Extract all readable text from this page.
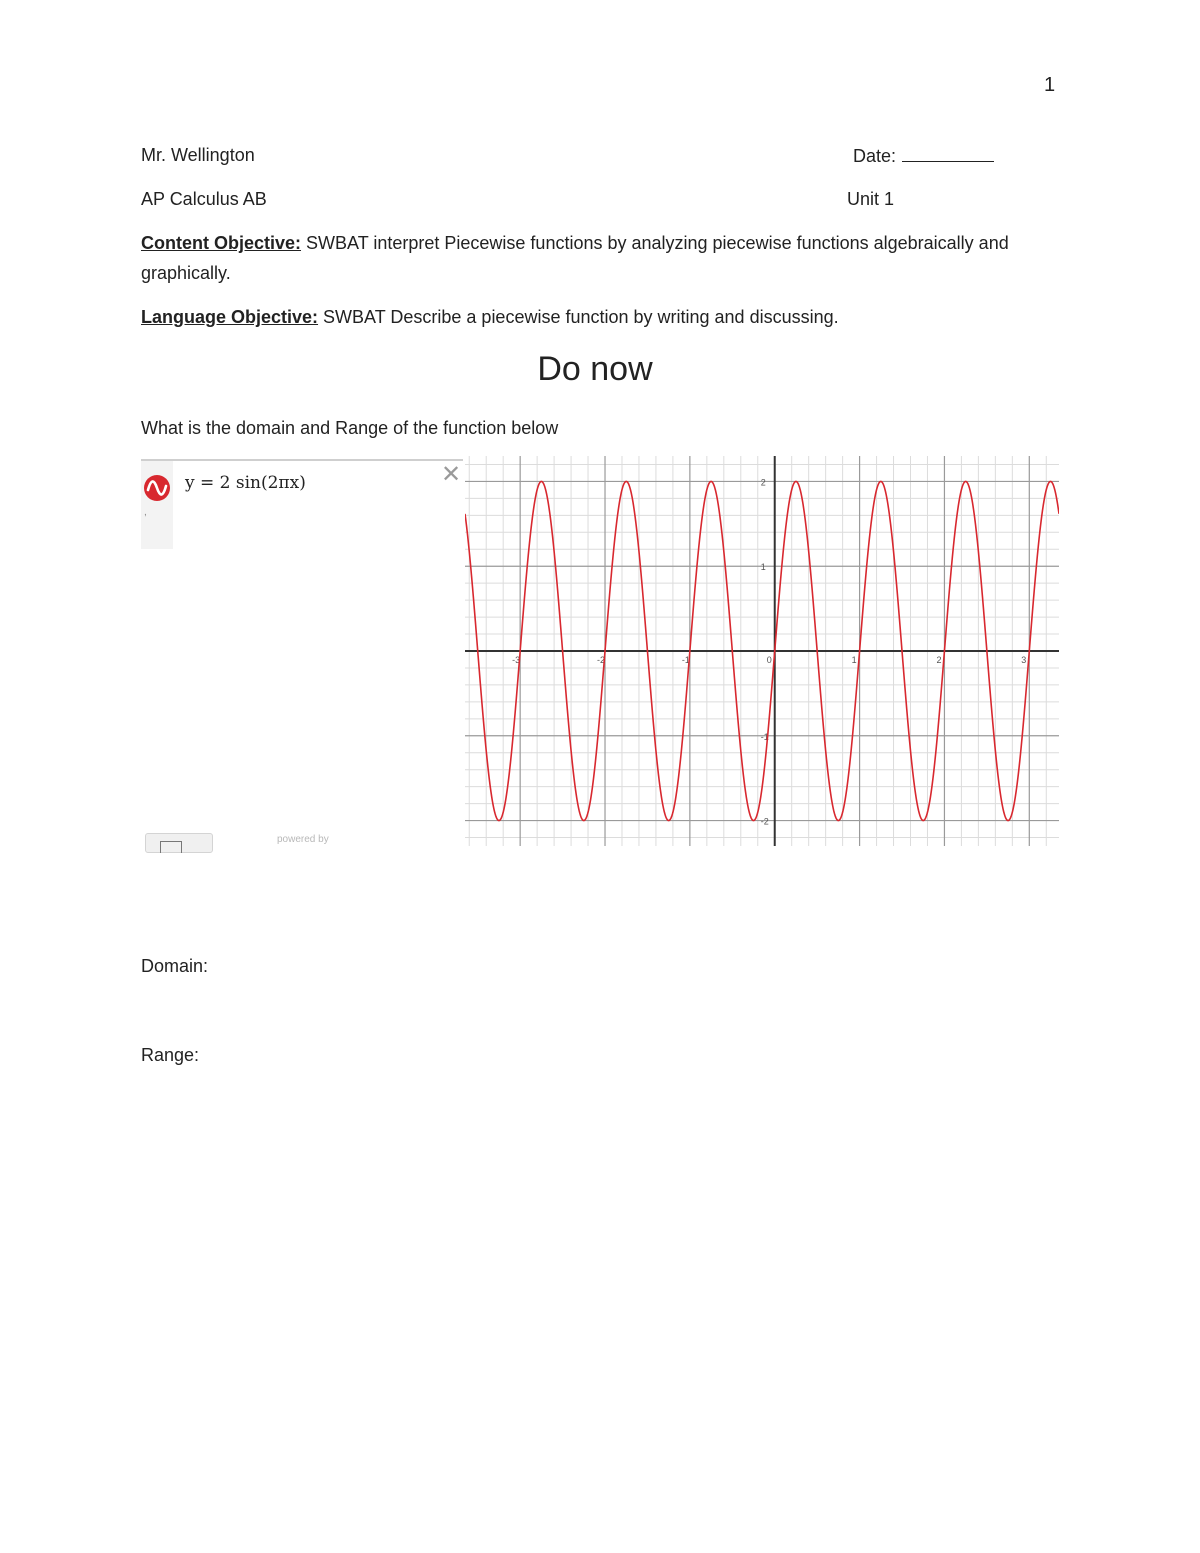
1
Mr. Wellington	Date:
AP Calculus AB	Unit 1
Content Objective: SWBAT interpret Piecewise functions by analyzing piecewise functions algebraically and graphically.
Language Objective: SWBAT Describe a piecewise function by writing and discussing.
Do now
What is the domain and Range of the function below
,
y = 2 sin(2πx)	✕
powered by
-3	-2	-1	0	1	2	3
-2
-1
1
2
Domain:
Range:
